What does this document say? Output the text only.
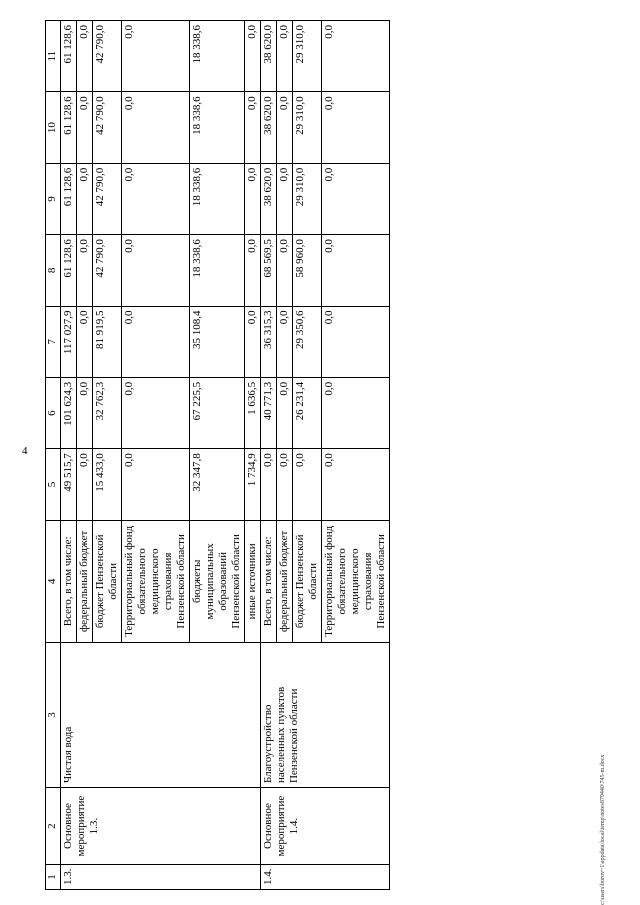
4
1	2	3	4	5	6	7	8	9	10	11
1.3.	Основное мероприятие 1.3.	Чистая вода	Всего, в том числе:	49 515,7	101 624,3	117 027,9	61 128,6	61 128,6	61 128,6	61 128,6
			федеральный бюджет	0,0	0,0	0,0	0,0	0,0	0,0	0,0
			бюджет Пензенской области	15 433,0	32 762,3	81 919,5	42 790,0	42 790,0	42 790,0	42 790,0
			Территориальный фонд обязательного медицинского страхования Пензенской области	0,0	0,0	0,0	0,0	0,0	0,0	0,0
			бюджеты муниципальных образований Пензенской области	32 347,8	67 225,5	35 108,4	18 338,6	18 338,6	18 338,6	18 338,6
			иные источники	1 734,9	1 636,5	0,0	0,0	0,0	0,0	0,0
1.4.	Основное мероприятие 1.4.	Благоустройство населенных пунктов Пензенской области	Всего, в том числе:	0,0	40 771,3	36 315,3	68 569,5	38 620,0	38 620,0	38 620,0
			федеральный бюджет	0,0	0,0	0,0	0,0	0,0	0,0	0,0
			бюджет Пензенской области	0,0	26 231,4	29 350,6	58 960,0	29 310,0	29 310,0	29 310,0
			Территориальный фонд обязательного медицинского страхования Пензенской области	0,0	0,0	0,0	0,0	0,0	0,0	0,0
c:\users\borov~1\appdata\local\temp\notes879440\745-m.docx
